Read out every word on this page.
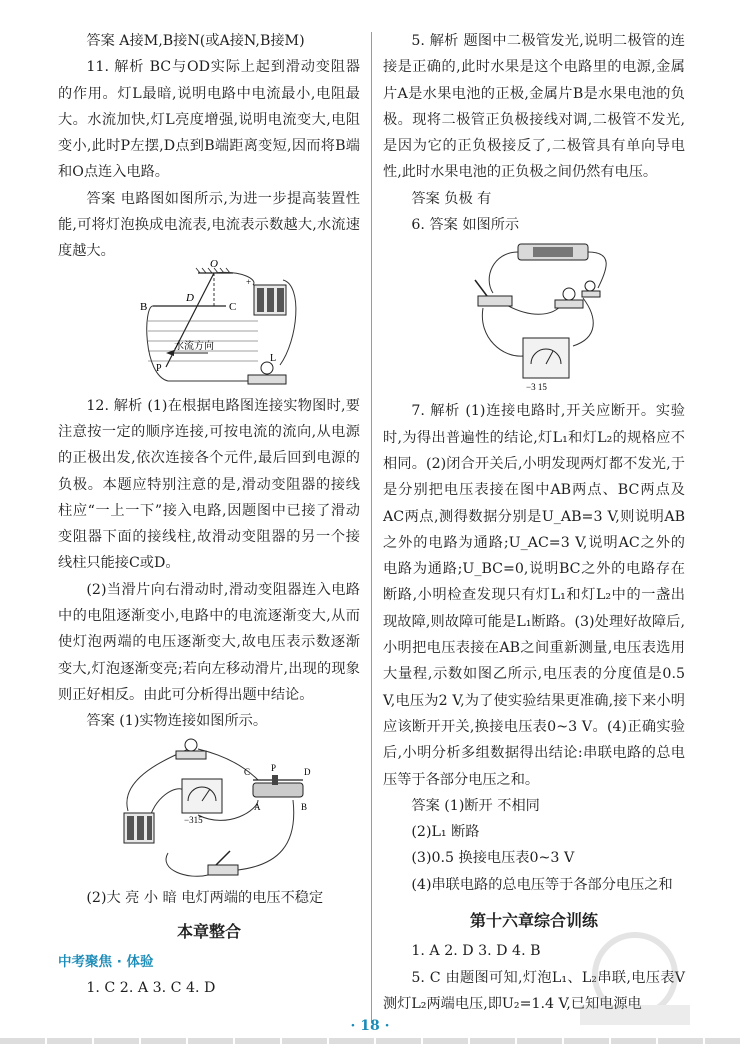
答案 A接M,B接N(或A接N,B接M)

11. 解析 BC与OD实际上起到滑动变阻器的作用。灯L最暗,说明电路中电流最小,电阻最大。水流加快,灯L亮度增强,说明电流变大,电阻变小,此时P左摆,D点到B端距离变短,因而将B端和O点连入电路。

答案 电路图如图所示,为进一步提高装置性能,可将灯泡换成电流表,电流表示数越大,水流速度越大。

O
B	C
D
P
L
+
水流方向

12. 解析 (1)在根据电路图连接实物图时,要注意按一定的顺序连接,可按电流的流向,从电源的正极出发,依次连接各个元件,最后回到电源的负极。本题应特别注意的是,滑动变阻器的接线柱应“一上一下”接入电路,因题图中已接了滑动变阻器下面的接线柱,故滑动变阻器的另一个接线柱只能接C或D。

(2)当滑片向右滑动时,滑动变阻器连入电路中的电阻逐渐变小,电路中的电流逐渐变大,从而使灯泡两端的电压逐渐变大,故电压表示数逐渐变大,灯泡逐渐变亮;若向左移动滑片,出现的现象则正好相反。由此可分析得出题中结论。

答案 (1)实物连接如图所示。

−315
C P	D
A	B

(2)大 亮 小 暗 电灯两端的电压不稳定

本章整合

中考聚焦 · 体验

1. C 2. A 3. C 4. D

5. 解析 题图中二极管发光,说明二极管的连接是正确的,此时水果是这个电路里的电源,金属片A是水果电池的正极,金属片B是水果电池的负极。现将二极管正负极接线对调,二极管不发光,是因为它的正负极接反了,二极管具有单向导电性,此时水果电池的正负极之间仍然有电压。

答案 负极 有

6. 答案 如图所示

−3 15

7. 解析 (1)连接电路时,开关应断开。实验时,为得出普遍性的结论,灯L₁和灯L₂的规格应不相同。(2)闭合开关后,小明发现两灯都不发光,于是分别把电压表接在图中AB两点、BC两点及AC两点,测得数据分别是U_AB=3 V,则说明AB之外的电路为通路;U_AC=3 V,说明AC之外的电路为通路;U_BC=0,说明BC之外的电路存在断路,小明检查发现只有灯L₁和灯L₂中的一盏出现故障,则故障可能是L₁断路。(3)处理好故障后,小明把电压表接在AB之间重新测量,电压表选用大量程,示数如图乙所示,电压表的分度值是0.5 V,电压为2 V,为了使实验结果更准确,接下来小明应该断开开关,换接电压表0~3 V。(4)正确实验后,小明分析多组数据得出结论:串联电路的总电压等于各部分电压之和。

答案 (1)断开 不相同

(2)L₁ 断路

(3)0.5 换接电压表0~3 V

(4)串联电路的总电压等于各部分电压之和

第十六章综合训练

1. A 2. D 3. D 4. B

5. C 由题图可知,灯泡L₁、L₂串联,电压表V测灯L₂两端电压,即U₂=1.4 V,已知电源电

· 18 ·
